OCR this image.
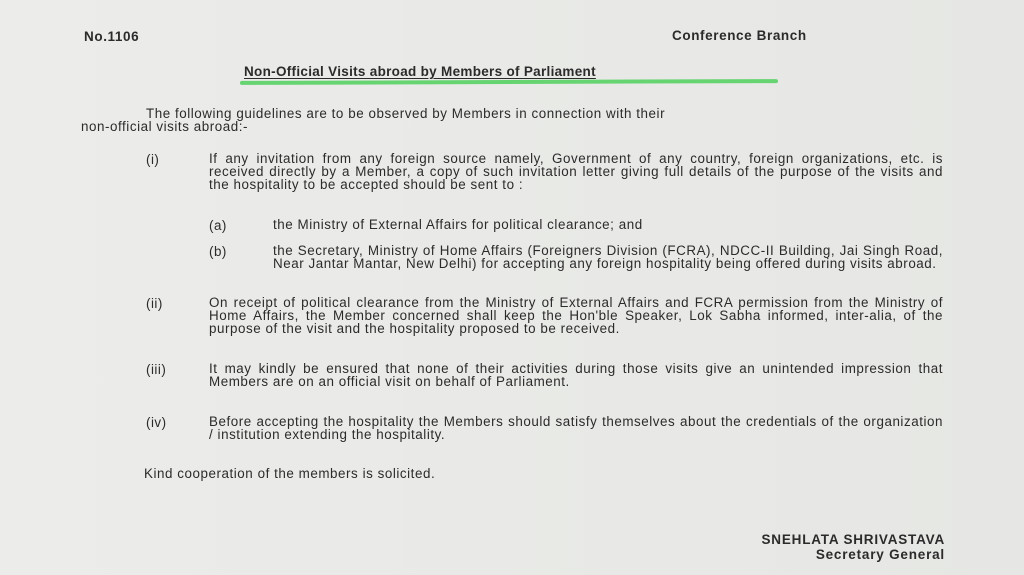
No.1106	Conference Branch
Non-Official Visits abroad by Members of Parliament
The following guidelines are to be observed by Members in connection with their
non-official visits abroad:-
(i)	If any invitation from any foreign source namely, Government of any country, foreign organizations, etc. is received directly by a Member, a copy of such invitation letter giving full details of the purpose of the visits and the hospitality to be accepted should be sent to :
(a)	the Ministry of External Affairs for political clearance; and
(b)	the Secretary, Ministry of Home Affairs (Foreigners Division (FCRA), NDCC-II Building, Jai Singh Road, Near Jantar Mantar, New Delhi) for accepting any foreign hospitality being offered during visits abroad.
(ii)	On receipt of political clearance from the Ministry of External Affairs and FCRA permission from the Ministry of Home Affairs, the Member concerned shall keep the Hon'ble Speaker, Lok Sabha informed, inter-alia, of the purpose of the visit and the hospitality proposed to be received.
(iii)	It may kindly be ensured that none of their activities during those visits give an unintended impression that Members are on an official visit on behalf of Parliament.
(iv)	Before accepting the hospitality the Members should satisfy themselves about the credentials of the organization / institution extending the hospitality.
Kind cooperation of the members is solicited.
SNEHLATA SHRIVASTAVA
Secretary General
